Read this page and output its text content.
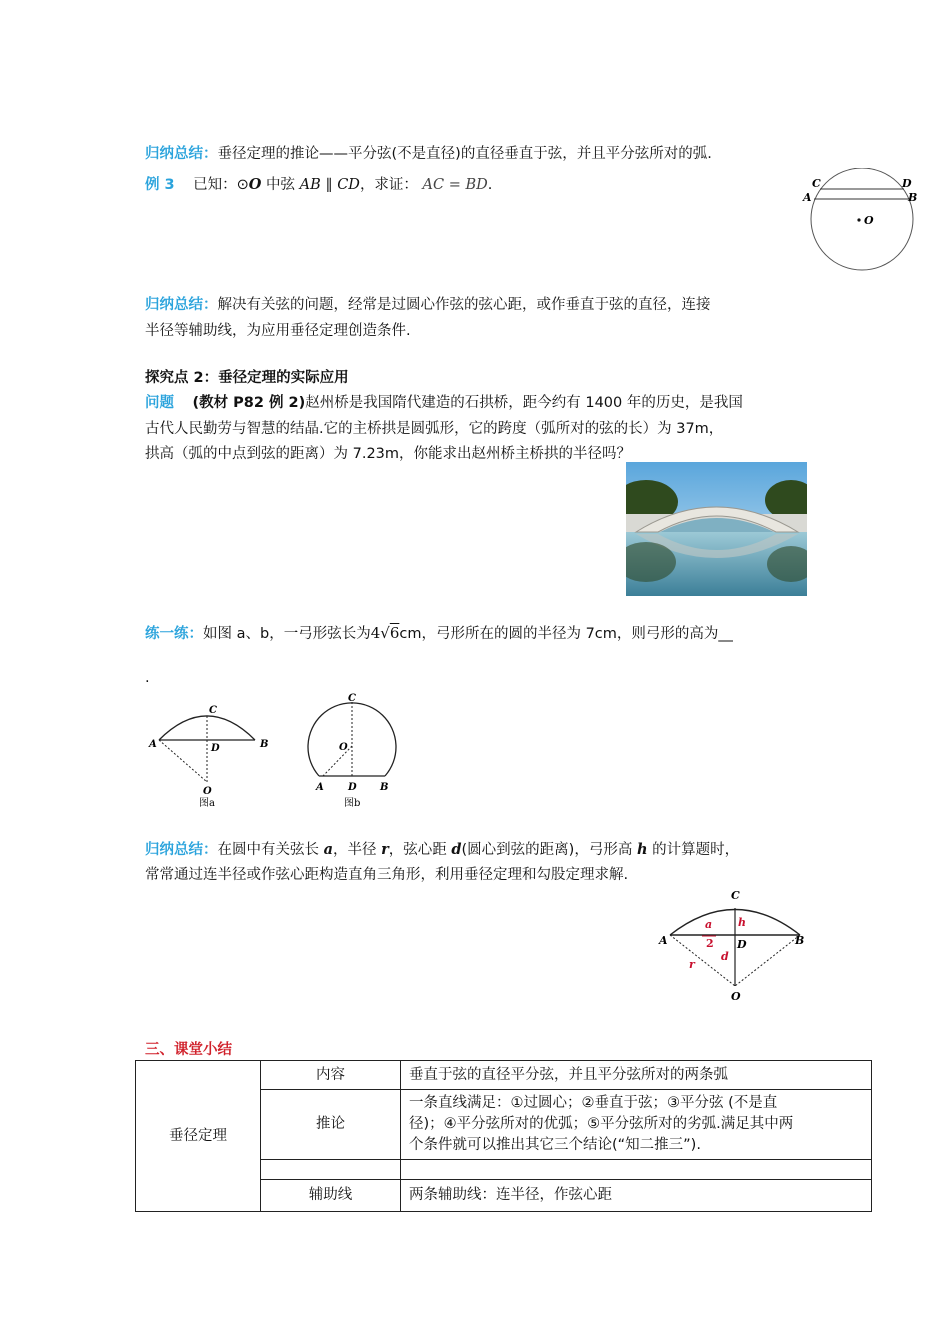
归纳总结：垂径定理的推论——平分弦(不是直径)的直径垂直于弦，并且平分弦所对的弧.
例 3 已知：⊙O 中弦 AB ∥ CD，求证： AC = BD.	C	D
A	B
O
归纳总结：解决有关弦的问题，经常是过圆心作弦的弦心距，或作垂直于弦的直径，连接
半径等辅助线，为应用垂径定理创造条件.
探究点 2：垂径定理的实际应用
问题 (教材 P82 例 2)赵州桥是我国隋代建造的石拱桥，距今约有 1400 年的历史，是我国
古代人民勤劳与智慧的结晶.它的主桥拱是圆弧形，它的跨度（弧所对的弦的长）为 37m，
拱高（弧的中点到弦的距离）为 7.23m，你能求出赵州桥主桥拱的半径吗？
练一练：如图 a、b，一弓形弦长为4√6cm，弓形所在的圆的半径为 7cm，则弓形的高为__
.
C
A	D	B
O
图a
C
O
A D B
图b
归纳总结：在圆中有关弦长 a，半径 r，弦心距 d(圆心到弦的距离)，弓形高 h 的计算题时，
常常通过连半径或作弦心距构造直角三角形，利用垂径定理和勾股定理求解.
C
a h
2
A	D	B
r
d
O
三、课堂小结
垂径定理	内容	垂直于弦的直径平分弦，并且平分弦所对的两条弧
	推论	一条直线满足：①过圆心；②垂直于弦；③平分弦 (不是直
径)；④平分弦所对的优弧；⑤平分弦所对的劣弧.满足其中两
个条件就可以推出其它三个结论(“知二推三”).

	辅助线	两条辅助线：连半径，作弦心距
